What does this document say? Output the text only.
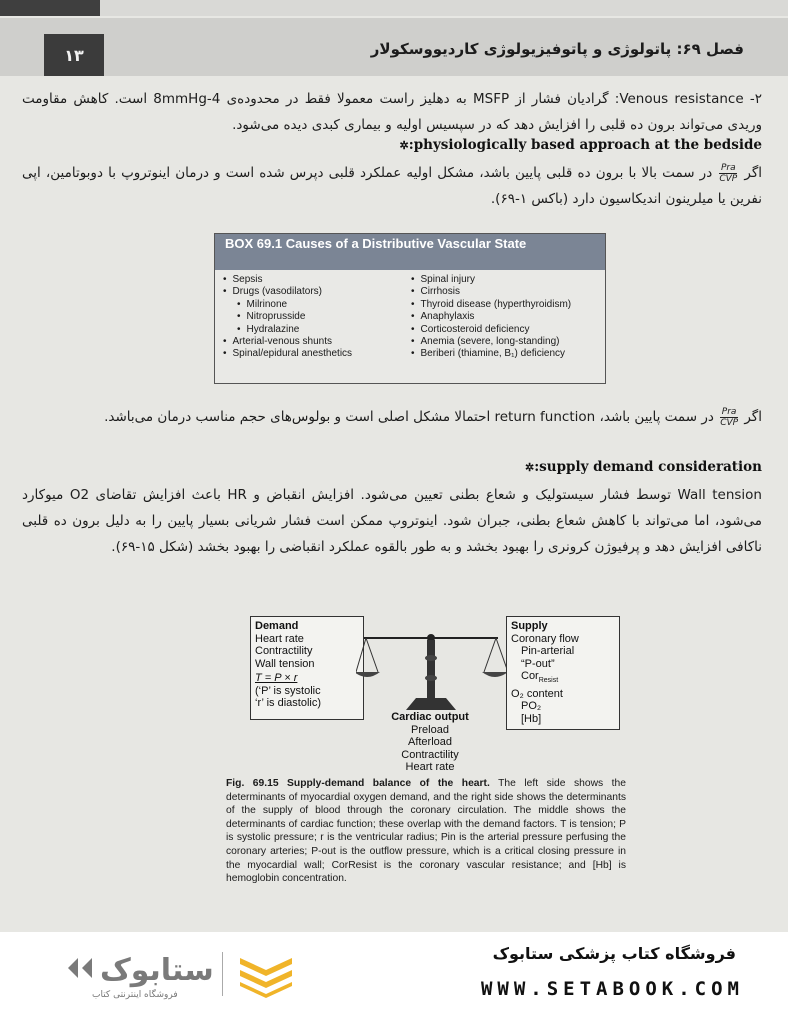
۱۳	فصل ۶۹: پاتولوژی و پاتوفیزیولوژی کاردیووسکولار
۲- Venous resistance: گرادیان فشار از MSFP به دهلیز راست معمولا فقط در محدوده‌ی 4-8mmHg است. کاهش مقاومت وریدی می‌تواند برون ده قلبی را افزایش دهد که در سپسیس اولیه و بیماری کبدی دیده می‌شود.
physiologically based approach at the bedside:✲
اگر
$\frac{\text{Pra}}{\text{CVP}}$ در سمت بالا با برون ده قلبی پایین باشد، مشکل اولیه عملکرد قلبی دپرس شده است و درمان اینوتروپ با دوبوتامین، اپی نفرین یا میلرینون اندیکاسیون دارد (باکس ۱-۶۹).
BOX 69.1 Causes of a Distributive Vascular State
• Sepsis
• Drugs (vasodilators)
• Milrinone
• Nitroprusside
• Hydralazine
• Arterial-venous shunts
• Spinal/epidural anesthetics
• Spinal injury
• Cirrhosis
• Thyroid disease (hyperthyroidism)
• Anaphylaxis
• Corticosteroid deficiency
• Anemia (severe, long-standing)
• Beriberi (thiamine, B₁) deficiency
اگر
$\frac{\text{Pra}}{\text{CVP}}$ در سمت پایین باشد، return function احتمالا مشکل اصلی است و بولوس‌های حجم مناسب درمان می‌باشد.
supply demand consideration:✲
Wall tension توسط فشار سیستولیک و شعاع بطنی تعیین می‌شود. افزایش انقباض و HR باعث افزایش تقاضای O2 میوکارد می‌شود، اما می‌تواند با کاهش شعاع بطنی، جبران شود. اینوتروپ ممکن است فشار شریانی بسیار پایین را به دلیل برون ده قلبی ناکافی افزایش دهد و پرفیوژن کرونری را بهبود بخشد و به طور بالقوه عملکرد انقباضی را بهبود بخشد (شکل ۱۵-۶۹).
Demand
Heart rate
Contractility
Wall tension
T = P × r
(‘P’ is systolic
‘r’ is diastolic)
Cardiac output
Preload
Afterload
Contractility
Heart rate
Supply
Coronary flow
Pin-arterial
“P-out”
Cor$_{Resist}$
O₂ content
PO₂
[Hb]
Fig. 69.15 Supply-demand balance of the heart. The left side shows the determinants of myocardial oxygen demand, and the right side shows the determinants of the supply of blood through the coronary circulation. The middle shows the determinants of cardiac function; these overlap with the demand factors. T is tension; P is systolic pressure; r is the ventricular radius; Pin is the arterial pressure perfusing the coronary arteries; P-out is the outflow pressure, which is a critical closing pressure in the myocardial wall; CorResist is the coronary vascular resistance; and [Hb] is hemoglobin concentration.
ستابوک
فروشگاه اینترنتی کتاب
فروشگاه کتاب پزشکی ستابوک
WWW.SETABOOK.COM
